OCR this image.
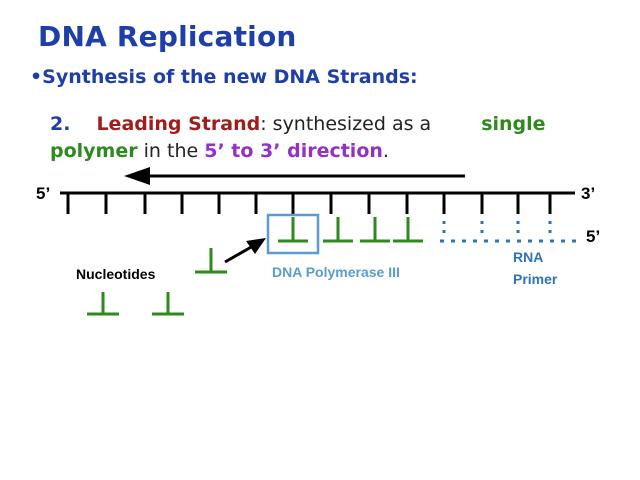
DNA Replication
•Synthesis of the new DNA Strands:
2. Leading Strand: synthesized as a	single
polymer in the 5’ to 3’ direction.
5’	3’
5’
Nucleotides	DNA Polymerase III
RNA
Primer
